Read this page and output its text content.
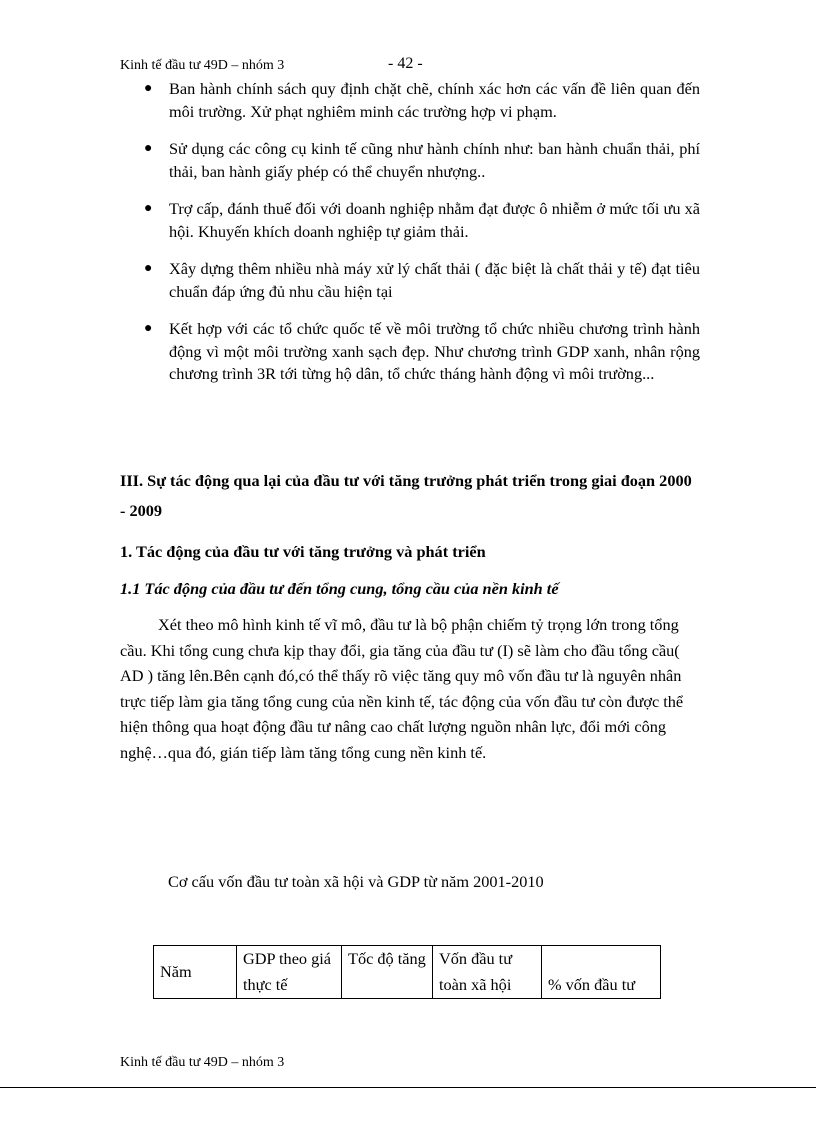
Kinh tế đầu tư 49D – nhóm 3	- 42 -
● Ban hành chính sách quy định chặt chẽ, chính xác hơn các vấn đề liên quan đến môi trường. Xử phạt nghiêm minh các trường hợp vi phạm.
● Sử dụng các công cụ kinh tế cũng như hành chính như: ban hành chuẩn thải, phí thải, ban hành giấy phép có thể chuyển nhượng..
● Trợ cấp, đánh thuế đối với doanh nghiệp nhằm đạt được ô nhiễm ở mức tối ưu xã hội. Khuyến khích doanh nghiệp tự giảm thải.
● Xây dựng thêm nhiều nhà máy xử lý chất thải ( đặc biệt là chất thải y tế) đạt tiêu chuẩn đáp ứng đủ nhu cầu hiện tại
● Kết hợp với các tổ chức quốc tế về môi trường tổ chức nhiều chương trình hành động vì một môi trường xanh sạch đẹp. Như chương trình GDP xanh, nhân rộng chương trình 3R tới từng hộ dân, tổ chức tháng hành động vì môi trường...
III. Sự tác động qua lại của đầu tư với tăng trưởng phát triển trong giai đoạn 2000 - 2009
1. Tác động của đầu tư với tăng trưởng và phát triển
1.1 Tác động của đầu tư đến tổng cung, tổng cầu của nền kinh tế

Xét theo mô hình kinh tế vĩ mô, đầu tư là bộ phận chiếm tỷ trọng lớn trong tổng cầu. Khi tổng cung chưa kịp thay đổi, gia tăng của đầu tư (I) sẽ làm cho đầu tổng cầu( AD ) tăng lên.Bên cạnh đó,có thể thấy rõ việc tăng quy mô vốn đầu tư là nguyên nhân trực tiếp làm gia tăng tổng cung của nền kinh tế, tác động của vốn đầu tư còn được thể hiện thông qua hoạt động đầu tư nâng cao chất lượng nguồn nhân lực, đổi mới công nghệ…qua đó, gián tiếp làm tăng tổng cung nền kinh tế.

Cơ cấu vốn đầu tư toàn xã hội và GDP từ năm 2001-2010
Năm	GDP theo giá thực tế	Tốc độ tăng	Vốn đầu tư toàn xã hội	% vốn đầu tư
Kinh tế đầu tư 49D – nhóm 3
